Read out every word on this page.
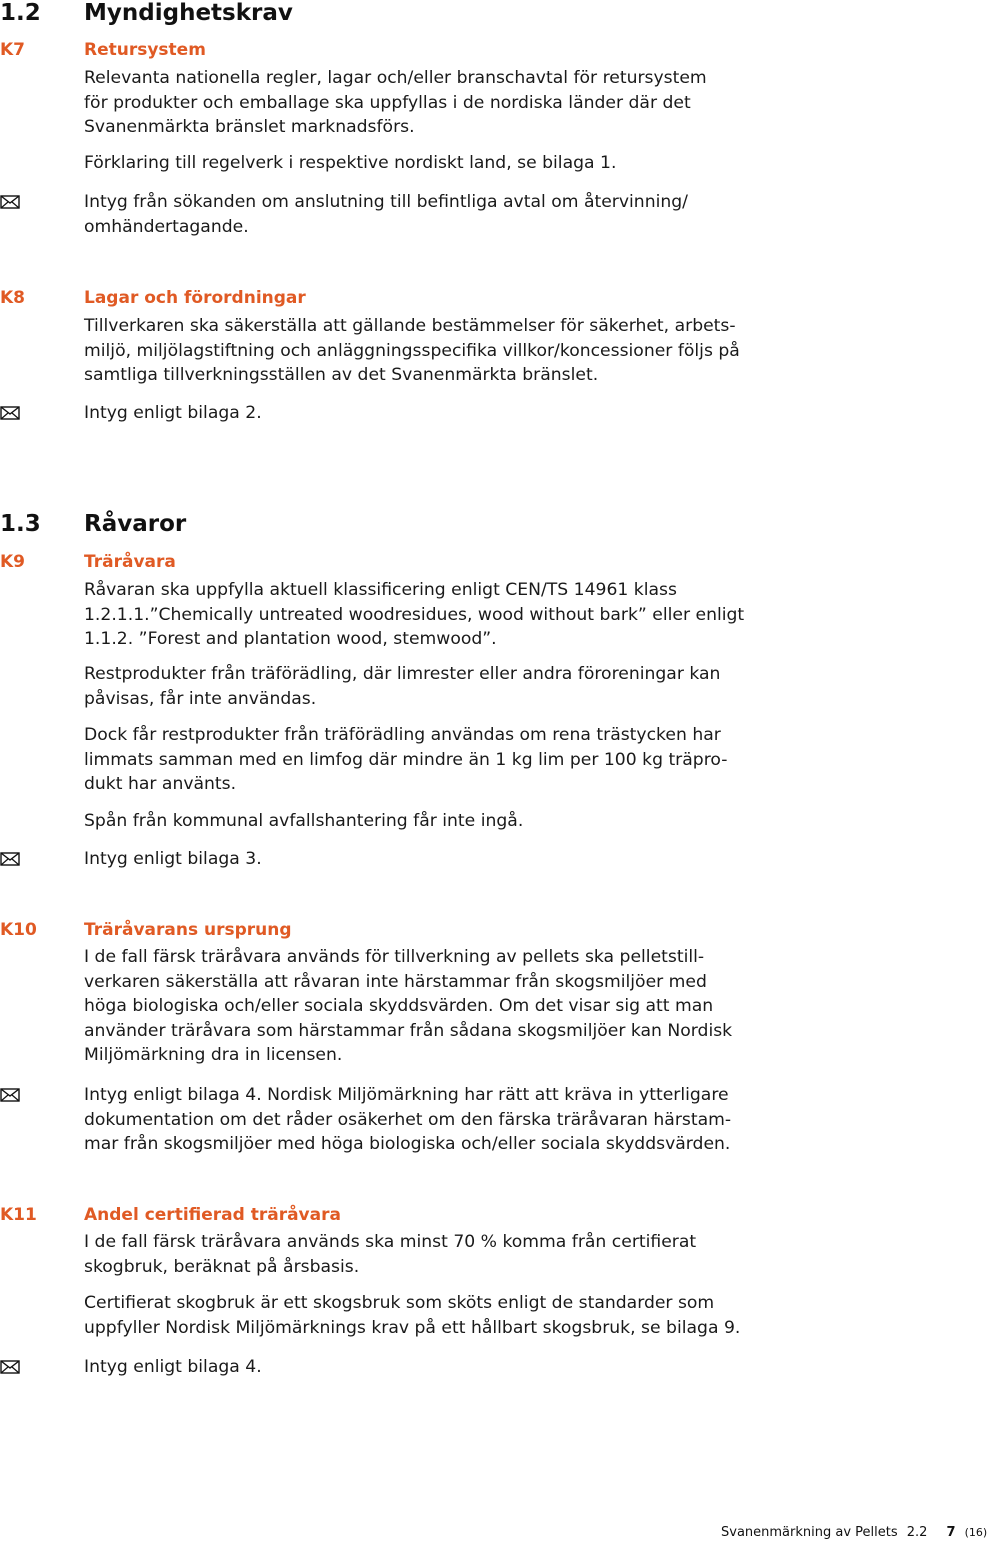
1.2 Myndighetskrav
K7	Retursystem

Relevanta nationella regler, lagar och/eller branschavtal för retursystem
för produkter och emballage ska uppfyllas i de nordiska länder där det
Svanenmärkta bränslet marknadsförs.

Förklaring till regelverk i respektive nordiskt land, se bilaga 1.

Intyg från sökanden om anslutning till befintliga avtal om återvinning/
omhändertagande.

K8	Lagar och förordningar

Tillverkaren ska säkerställa att gällande bestämmelser för säkerhet, arbets-
miljö, miljölagstiftning och anläggningsspecifika villkor/koncessioner följs på
samtliga tillverkningsställen av det Svanenmärkta bränslet.

Intyg enligt bilaga 2.

1.3 Råvaror
K9	Träråvara

Råvaran ska uppfylla aktuell klassificering enligt CEN/TS 14961 klass
1.2.1.1.”Chemically untreated woodresidues, wood without bark” eller enligt
1.1.2. ”Forest and plantation wood, stemwood”.

Restprodukter från träförädling, där limrester eller andra föroreningar kan
påvisas, får inte användas.

Dock får restprodukter från träförädling användas om rena trästycken har
limmats samman med en limfog där mindre än 1 kg lim per 100 kg träpro-
dukt har använts.

Spån från kommunal avfallshantering får inte ingå.

Intyg enligt bilaga 3.

K10	Träråvarans ursprung

I de fall färsk träråvara används för tillverkning av pellets ska pelletstill-
verkaren säkerställa att råvaran inte härstammar från skogsmiljöer med
höga biologiska och/eller sociala skyddsvärden. Om det visar sig att man
använder träråvara som härstammar från sådana skogsmiljöer kan Nordisk
Miljömärkning dra in licensen.

Intyg enligt bilaga 4. Nordisk Miljömärkning har rätt att kräva in ytterligare
dokumentation om det råder osäkerhet om den färska träråvaran härstam-
mar från skogsmiljöer med höga biologiska och/eller sociala skyddsvärden.

K11	Andel certifierad träråvara

I de fall färsk träråvara används ska minst 70 % komma från certifierat
skogbruk, beräknat på årsbasis.

Certifierat skogbruk är ett skogsbruk som sköts enligt de standarder som
uppfyller Nordisk Miljömärknings krav på ett hållbart skogsbruk, se bilaga 9.

Intyg enligt bilaga 4.

Svanenmärkning av Pellets 2.2 7 (16)
